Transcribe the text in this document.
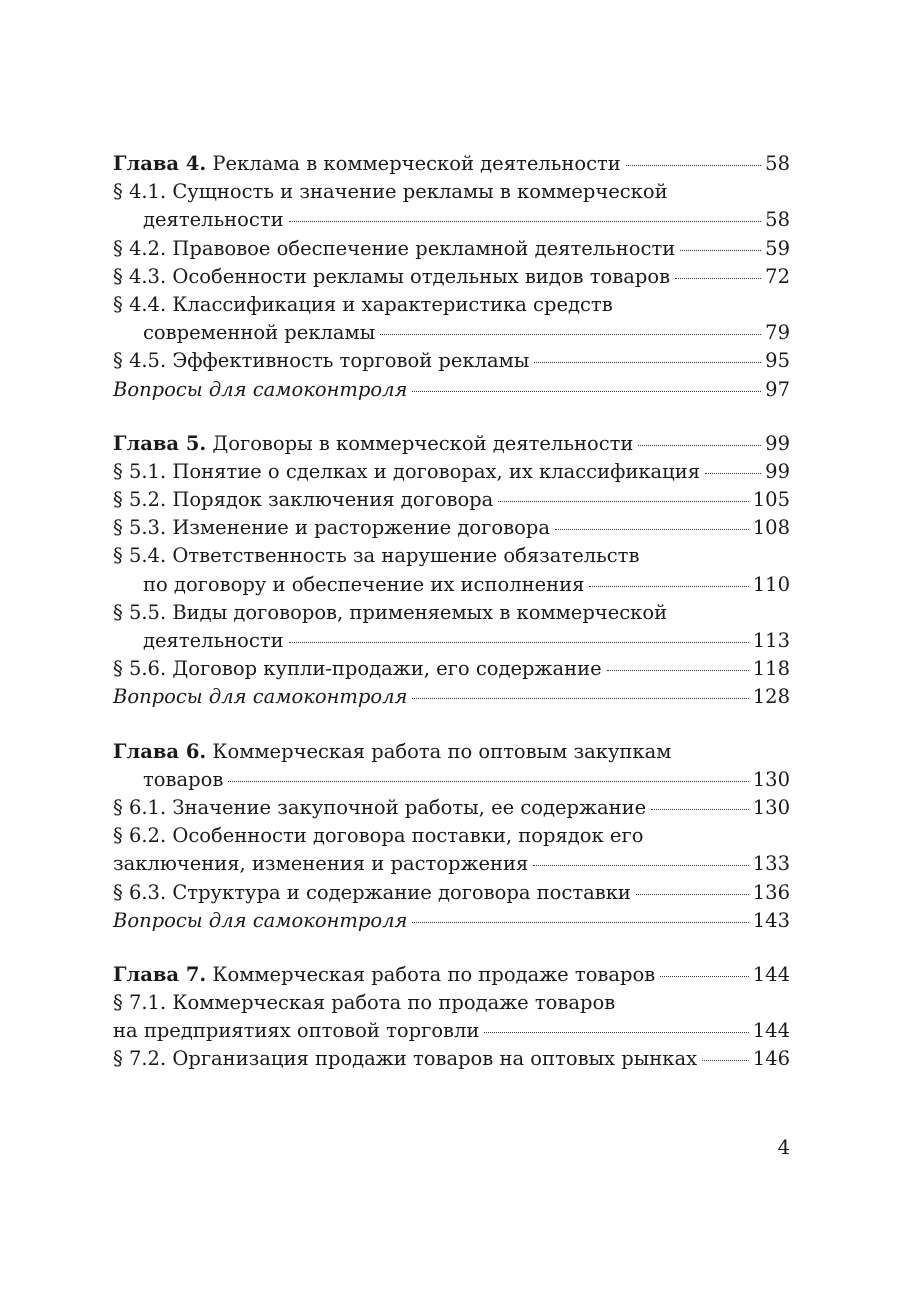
Глава 4. Реклама в коммерческой деятельности	58
§ 4.1. Сущность и значение рекламы в коммерческой
деятельности	58
§ 4.2. Правовое обеспечение рекламной деятельности	59
§ 4.3. Особенности рекламы отдельных видов товаров	72
§ 4.4. Классификация и характеристика средств
современной рекламы	79
§ 4.5. Эффективность торговой рекламы	95
Вопросы для самоконтроля	97
Глава 5. Договоры в коммерческой деятельности	99
§ 5.1. Понятие о сделках и договорах, их классификация	99
§ 5.2. Порядок заключения договора	105
§ 5.3. Изменение и расторжение договора	108
§ 5.4. Ответственность за нарушение обязательств
по договору и обеспечение их исполнения	110
§ 5.5. Виды договоров, применяемых в коммерческой
деятельности	113
§ 5.6. Договор купли-продажи, его содержание	118
Вопросы для самоконтроля	128
Глава 6. Коммерческая работа по оптовым закупкам
товаров	130
§ 6.1. Значение закупочной работы, ее содержание	130
§ 6.2. Особенности договора поставки, порядок его
заключения, изменения и расторжения	133
§ 6.3. Структура и содержание договора поставки	136
Вопросы для самоконтроля	143
Глава 7. Коммерческая работа по продаже товаров	144
§ 7.1. Коммерческая работа по продаже товаров
на предприятиях оптовой торговли	144
§ 7.2. Организация продажи товаров на оптовых рынках	146
4
